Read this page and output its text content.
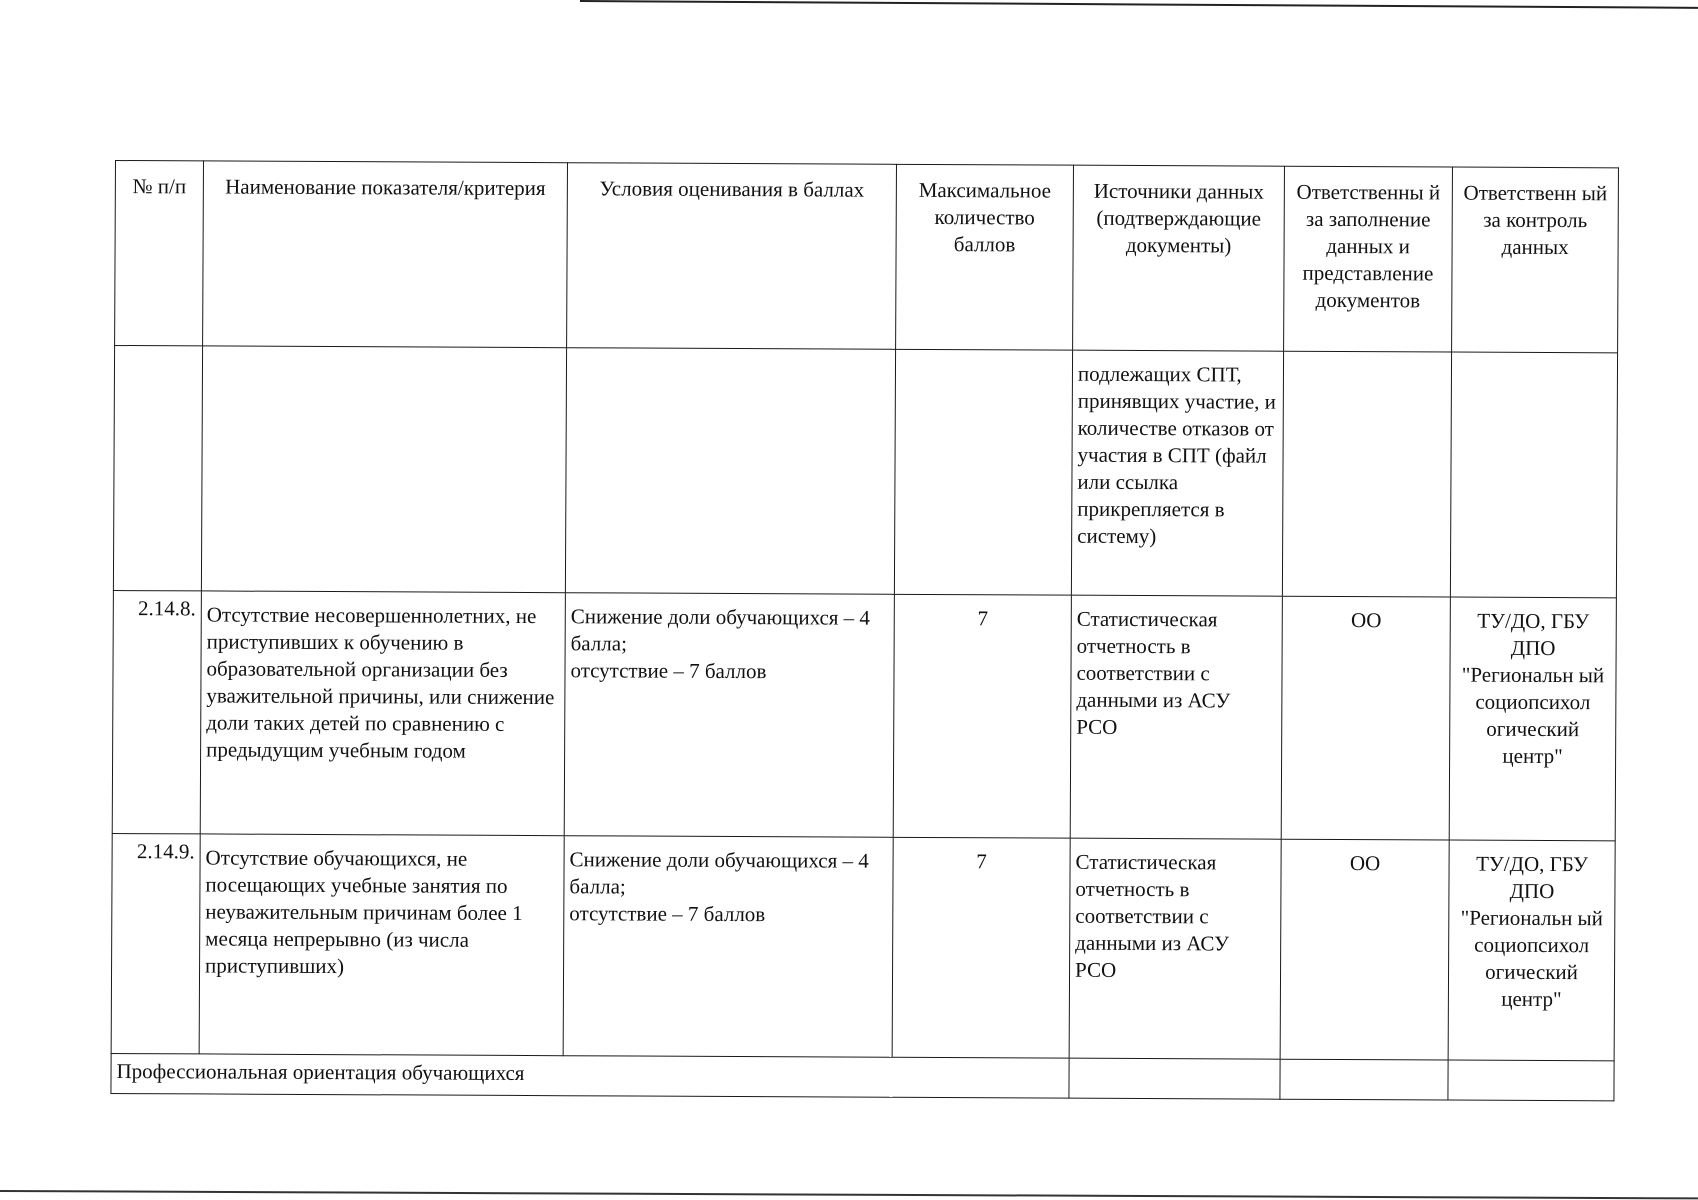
№ п/п	Наименование показателя/критерия	Условия оценивания в баллах	Максимальное количество баллов	Источники данных (подтверждающие документы)	Ответственны й за заполнение данных и представление документов	Ответственн ый за контроль данных
				подлежащих СПТ, принявщих участие, и количестве отказов от участия в СПТ (файл или ссылка прикрепляется в систему)		
2.14.8.	Отсутствие несовершеннолетних, не приступивших к обучению в образовательной организации без уважительной причины, или снижение доли таких детей по сравнению с предыдущим учебным годом	Снижение доли обучающихся – 4 балла;
отсутствие – 7 баллов	7	Статистическая отчетность в соответствии с данными из АСУ РСО	ОО	ТУ/ДО, ГБУ ДПО "Региональн ый социопсихол огический центр"
2.14.9.	Отсутствие обучающихся, не посещающих учебные занятия по неуважительным причинам более 1 месяца непрерывно (из числа приступивших)	Снижение доли обучающихся – 4 балла;
отсутствие – 7 баллов	7	Статистическая отчетность в соответствии с данными из АСУ РСО	ОО	ТУ/ДО, ГБУ ДПО "Региональн ый социопсихол огический центр"
Профессиональная ориентация обучающихся						
